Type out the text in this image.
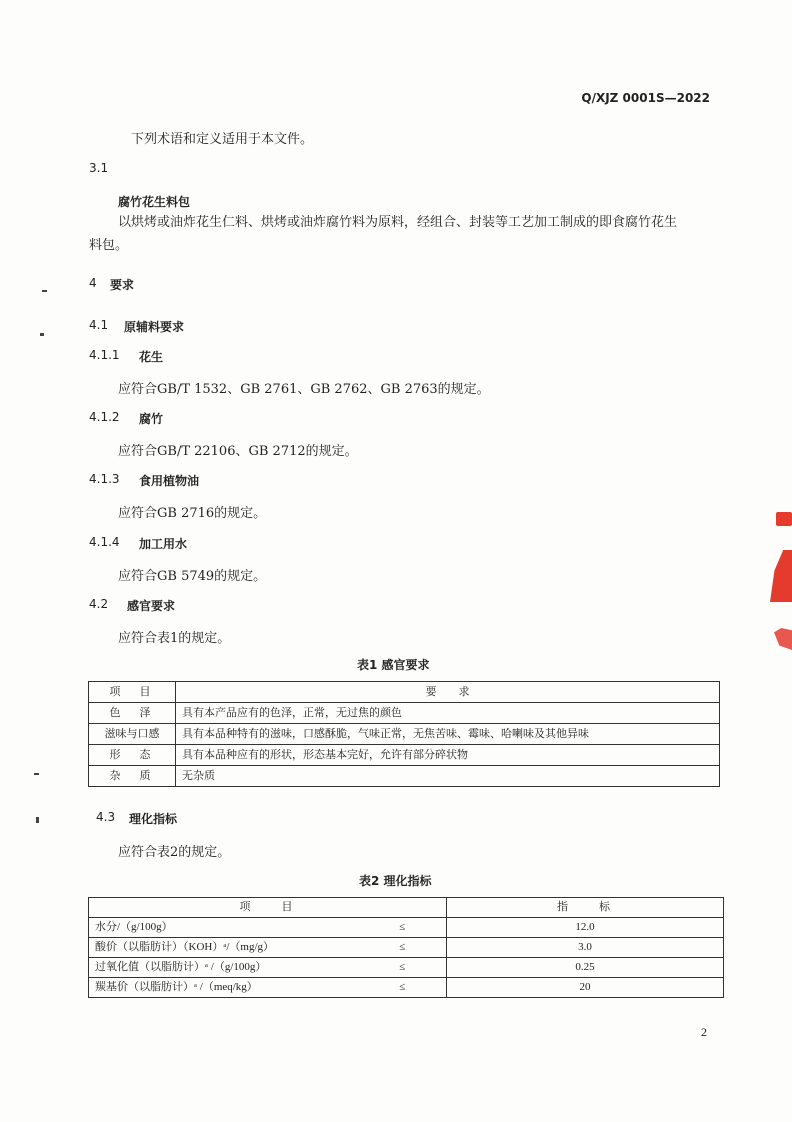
Q/XJZ 0001S—2022
下列术语和定义适用于本文件。
3.1
腐竹花生料包
以烘烤或油炸花生仁料、烘烤或油炸腐竹料为原料，经组合、封装等工艺加工制成的即食腐竹花生
料包。
4 要求
4.1 原辅料要求
4.1.1 花生
应符合GB/T 1532、GB 2761、GB 2762、GB 2763的规定。
4.1.2 腐竹
应符合GB/T 22106、GB 2712的规定。
4.1.3 食用植物油
应符合GB 2716的规定。
4.1.4 加工用水
应符合GB 5749的规定。
4.2 感官要求
应符合表1的规定。
表1 感官要求
项　目	要　　求
色　泽	具有本产品应有的色泽，正常，无过焦的颜色
滋味与口感	具有本品种特有的滋味，口感酥脆，气味正常，无焦苦味、霉味、哈喇味及其他异味
形　态	具有本品种应有的形状，形态基本完好，允许有部分碎状物
杂　质	无杂质
4.3 理化指标
应符合表2的规定。
表2 理化指标
项　　目		指　　标
水分/（g/100g）	≤	12.0
酸价（以脂肪计）（KOH）ᵃ/（mg/g）	≤	3.0
过氧化值（以脂肪计）ᵃ /（g/100g）	≤	0.25
羰基价（以脂肪计）ᵃ /（meq/kg）	≤	20
2
